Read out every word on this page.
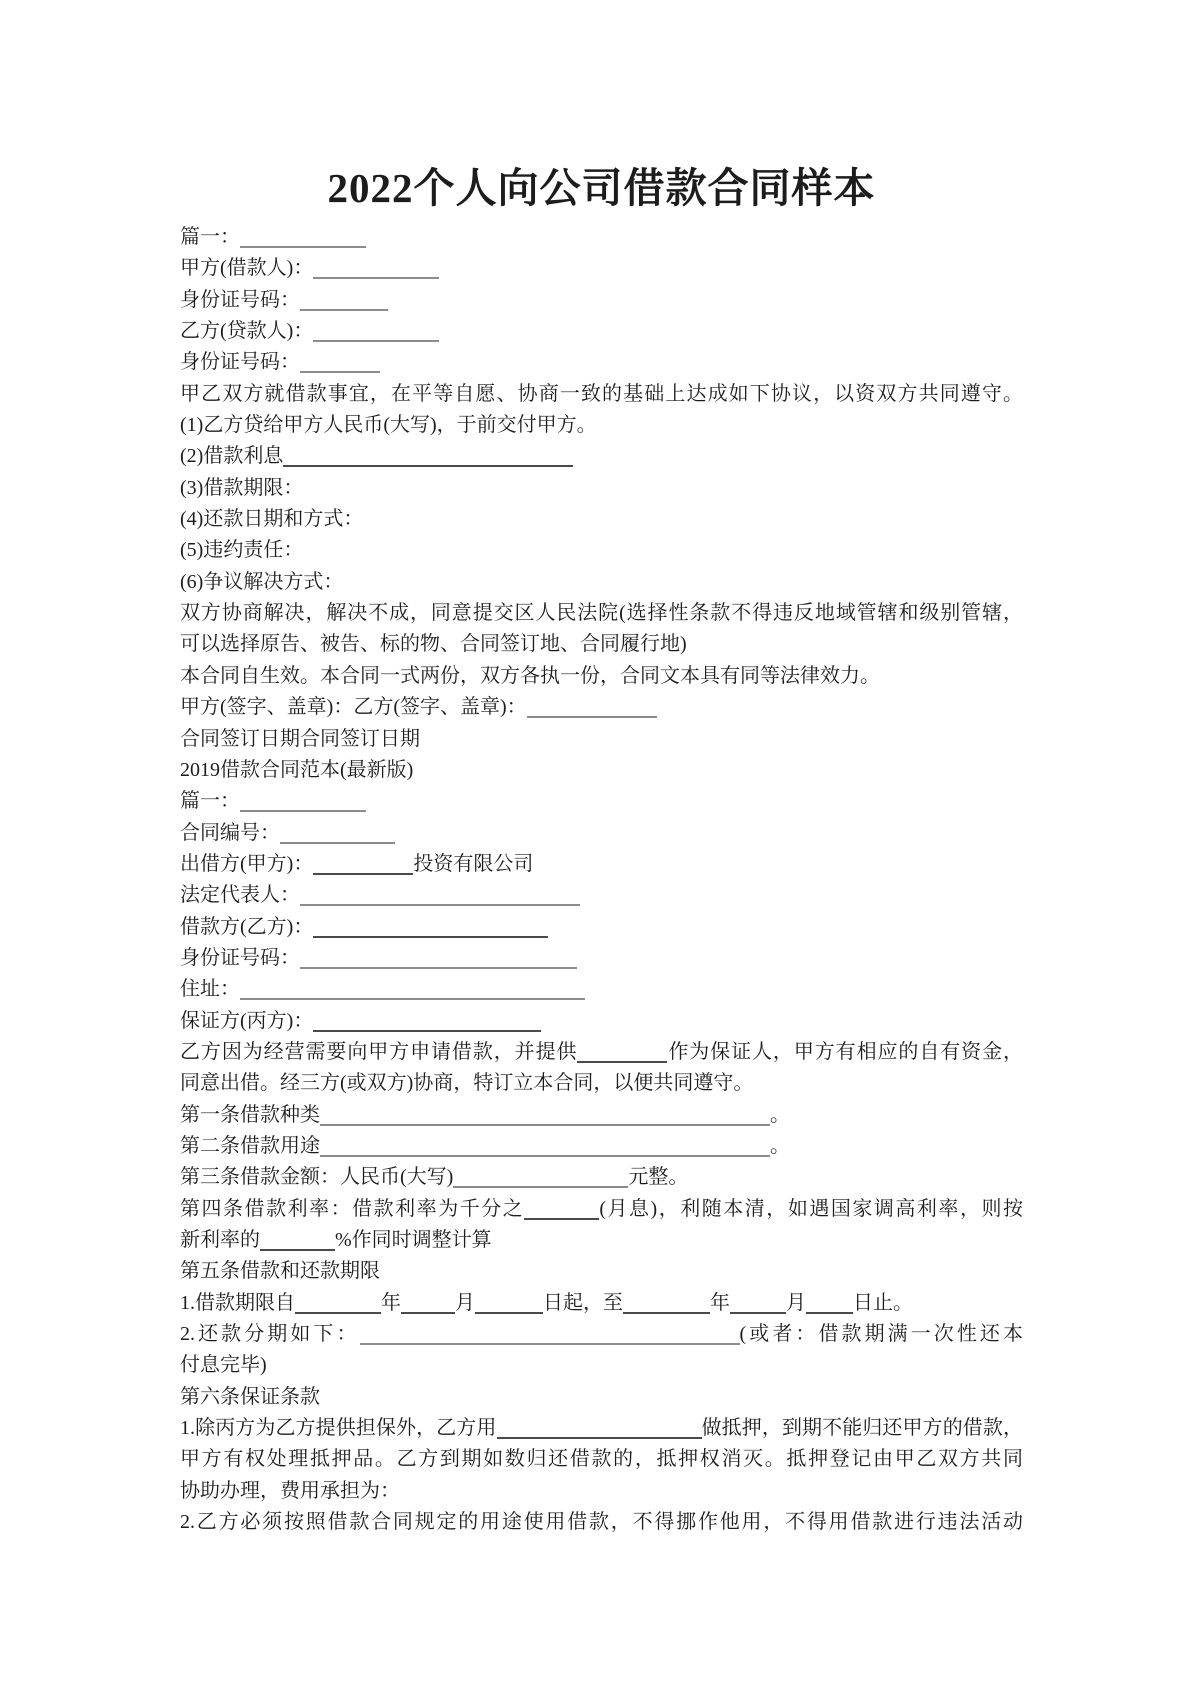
2022个人向公司借款合同样本
篇一：
甲方(借款人)：
身份证号码：
乙方(贷款人)：
身份证号码：
甲乙双方就借款事宜，在平等自愿、协商一致的基础上达成如下协议，以资双方共同遵守。
(1)乙方贷给甲方人民币(大写)，于前交付甲方。
(2)借款利息
(3)借款期限：
(4)还款日期和方式：
(5)违约责任：
(6)争议解决方式：
双方协商解决，解决不成，同意提交区人民法院(选择性条款不得违反地域管辖和级别管辖，
可以选择原告、被告、标的物、合同签订地、合同履行地)
本合同自生效。本合同一式两份，双方各执一份，合同文本具有同等法律效力。
甲方(签字、盖章)：乙方(签字、盖章)：
合同签订日期合同签订日期
2019借款合同范本(最新版)
篇一：
合同编号：
出借方(甲方)：	投资有限公司
法定代表人：
借款方(乙方)：
身份证号码：
住址：
保证方(丙方)：
乙方因为经营需要向甲方申请借款，并提供	作为保证人，甲方有相应的自有资金，
同意出借。经三方(或双方)协商，特订立本合同，以便共同遵守。
第一条借款种类	。
第二条借款用途	。
第三条借款金额：人民币(大写)	元整。
第四条借款利率：借款利率为千分之	(月息)，利随本清，如遇国家调高利率，则按
新利率的	%作同时调整计算
第五条借款和还款期限
1.借款期限自	年	月	日起，至	年	月 日止。
2.还款分期如下：	(或者：借款期满一次性还本
付息完毕)
第六条保证条款
1.除丙方为乙方提供担保外，乙方用	做抵押，到期不能归还甲方的借款，
甲方有权处理抵押品。乙方到期如数归还借款的，抵押权消灭。抵押登记由甲乙双方共同
协助办理，费用承担为：
2.乙方必须按照借款合同规定的用途使用借款，不得挪作他用，不得用借款进行违法活动
